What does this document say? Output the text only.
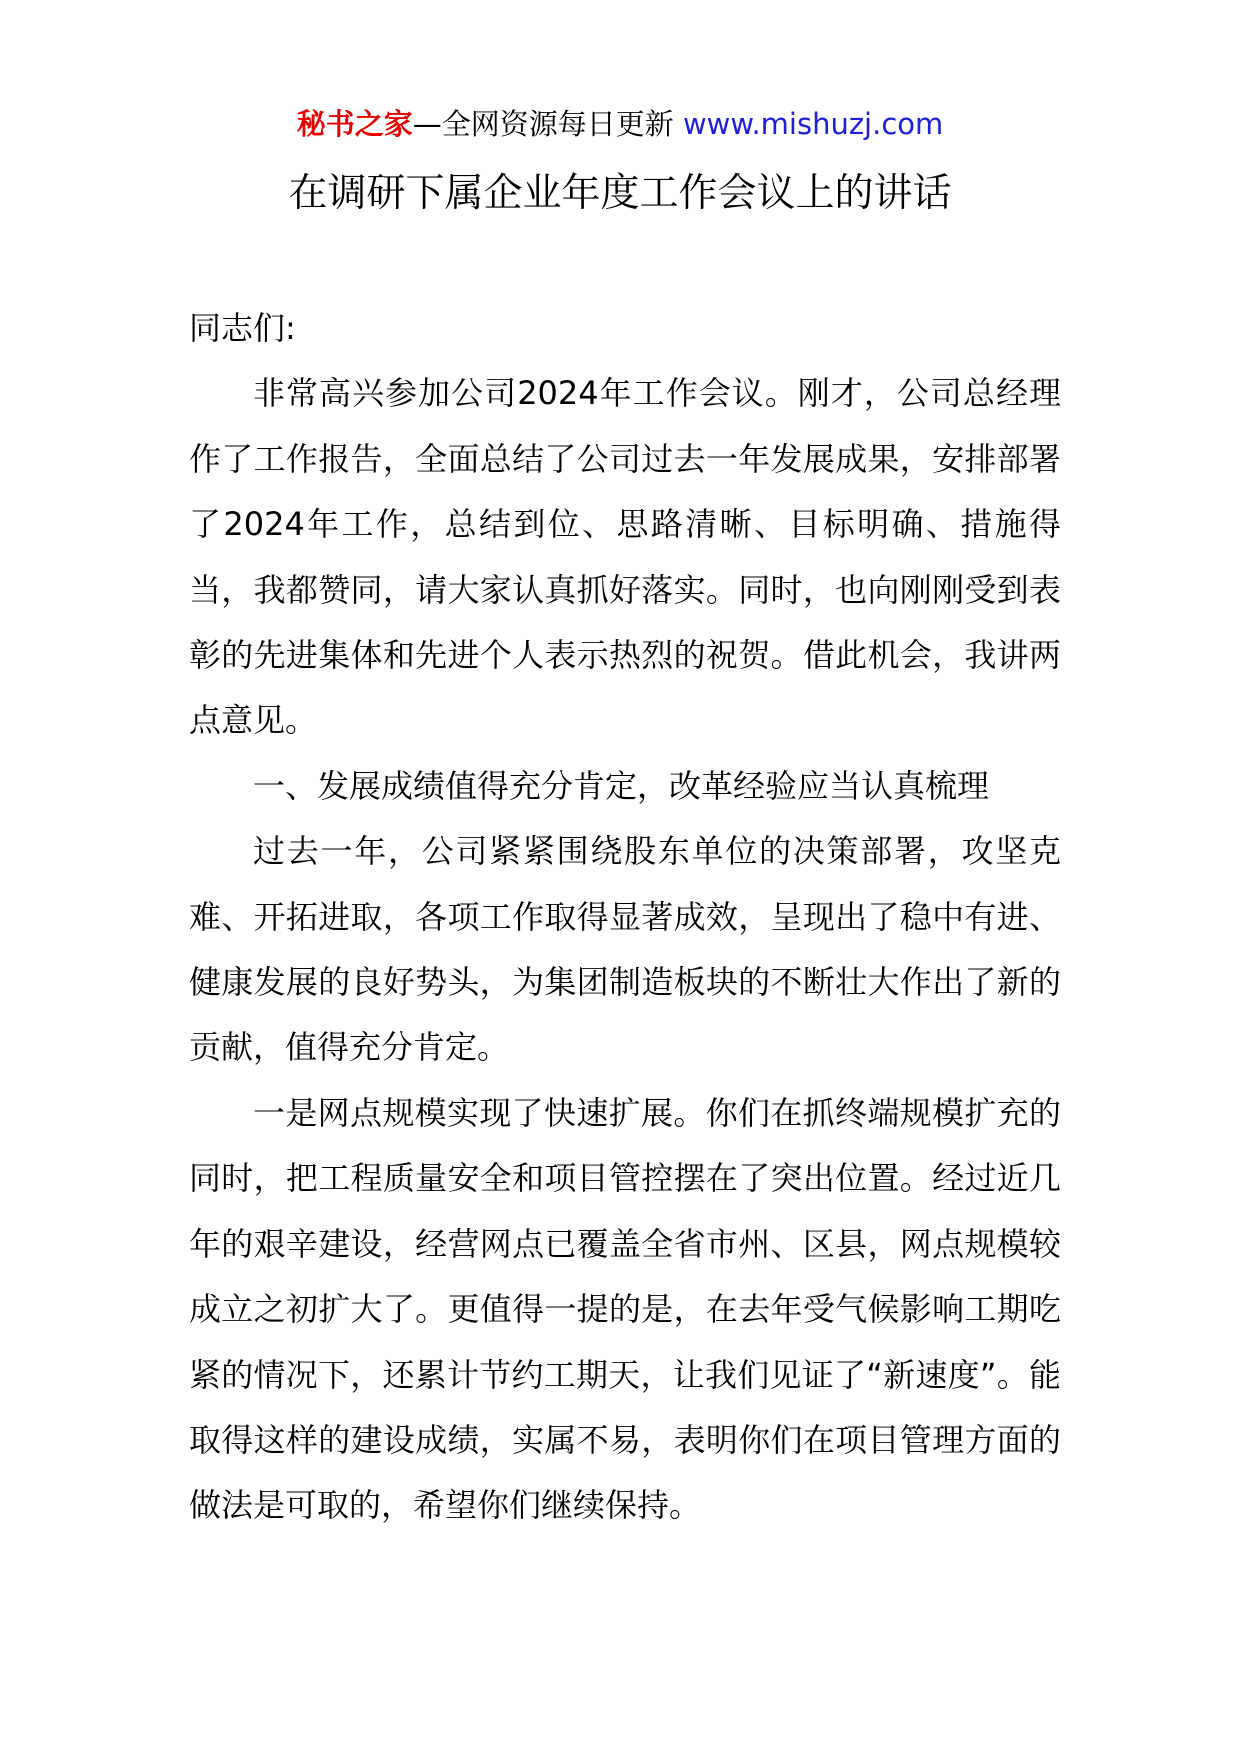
秘书之家—全网资源每日更新 www.mishuzj.com
在调研下属企业年度工作会议上的讲话

同志们:

非常高兴参加公司2024年工作会议。刚才，公司总经理作了工作报告，全面总结了公司过去一年发展成果，安排部署了2024年工作，总结到位、思路清晰、目标明确、措施得当，我都赞同，请大家认真抓好落实。同时，也向刚刚受到表彰的先进集体和先进个人表示热烈的祝贺。借此机会，我讲两点意见。

一、发展成绩值得充分肯定，改革经验应当认真梳理

过去一年，公司紧紧围绕股东单位的决策部署，攻坚克难、开拓进取，各项工作取得显著成效，呈现出了稳中有进、健康发展的良好势头，为集团制造板块的不断壮大作出了新的贡献，值得充分肯定。

一是网点规模实现了快速扩展。你们在抓终端规模扩充的同时，把工程质量安全和项目管控摆在了突出位置。经过近几年的艰辛建设，经营网点已覆盖全省市州、区县，网点规模较成立之初扩大了。更值得一提的是，在去年受气候影响工期吃紧的情况下，还累计节约工期天，让我们见证了“新速度”。能取得这样的建设成绩，实属不易，表明你们在项目管理方面的做法是可取的，希望你们继续保持。
